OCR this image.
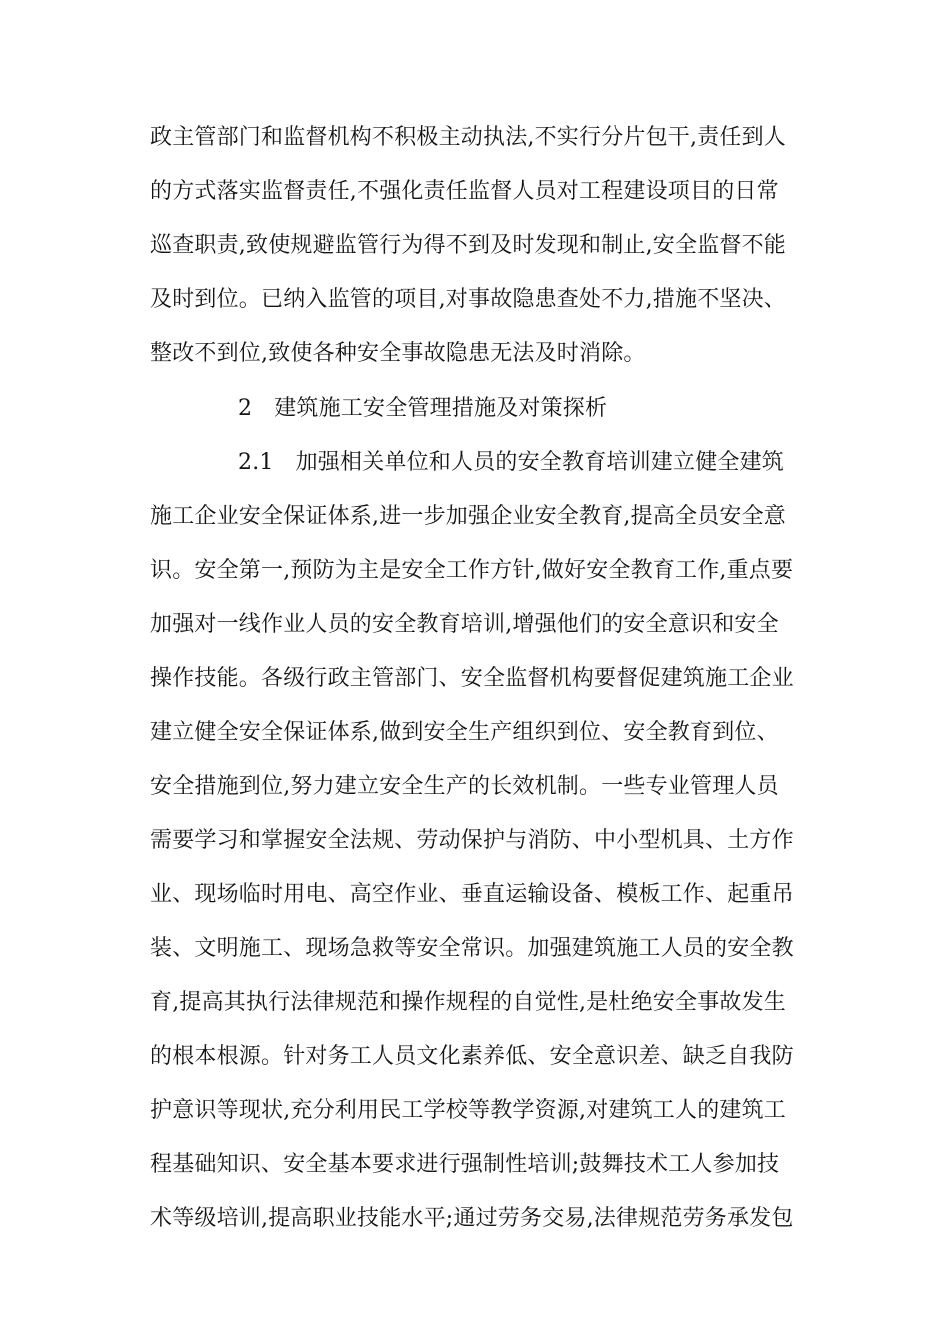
政主管部门和监督机构不积极主动执法,不实行分片包干,责任到人
的方式落实监督责任,不强化责任监督人员对工程建设项目的日常
巡查职责,致使规避监管行为得不到及时发现和制止,安全监督不能
及时到位。已纳入监管的项目,对事故隐患查处不力,措施不坚决、
整改不到位,致使各种安全事故隐患无法及时消除。
2 建筑施工安全管理措施及对策探析
2.1 加强相关单位和人员的安全教育培训建立健全建筑
施工企业安全保证体系,进一步加强企业安全教育,提高全员安全意
识。安全第一,预防为主是安全工作方针,做好安全教育工作,重点要
加强对一线作业人员的安全教育培训,增强他们的安全意识和安全
操作技能。各级行政主管部门、安全监督机构要督促建筑施工企业
建立健全安全保证体系,做到安全生产组织到位、安全教育到位、
安全措施到位,努力建立安全生产的长效机制。一些专业管理人员
需要学习和掌握安全法规、劳动保护与消防、中小型机具、土方作
业、现场临时用电、高空作业、垂直运输设备、模板工作、起重吊
装、文明施工、现场急救等安全常识。加强建筑施工人员的安全教
育,提高其执行法律规范和操作规程的自觉性,是杜绝安全事故发生
的根本根源。针对务工人员文化素养低、安全意识差、缺乏自我防
护意识等现状,充分利用民工学校等教学资源,对建筑工人的建筑工
程基础知识、安全基本要求进行强制性培训;鼓舞技术工人参加技
术等级培训,提高职业技能水平;通过劳务交易,法律规范劳务承发包
